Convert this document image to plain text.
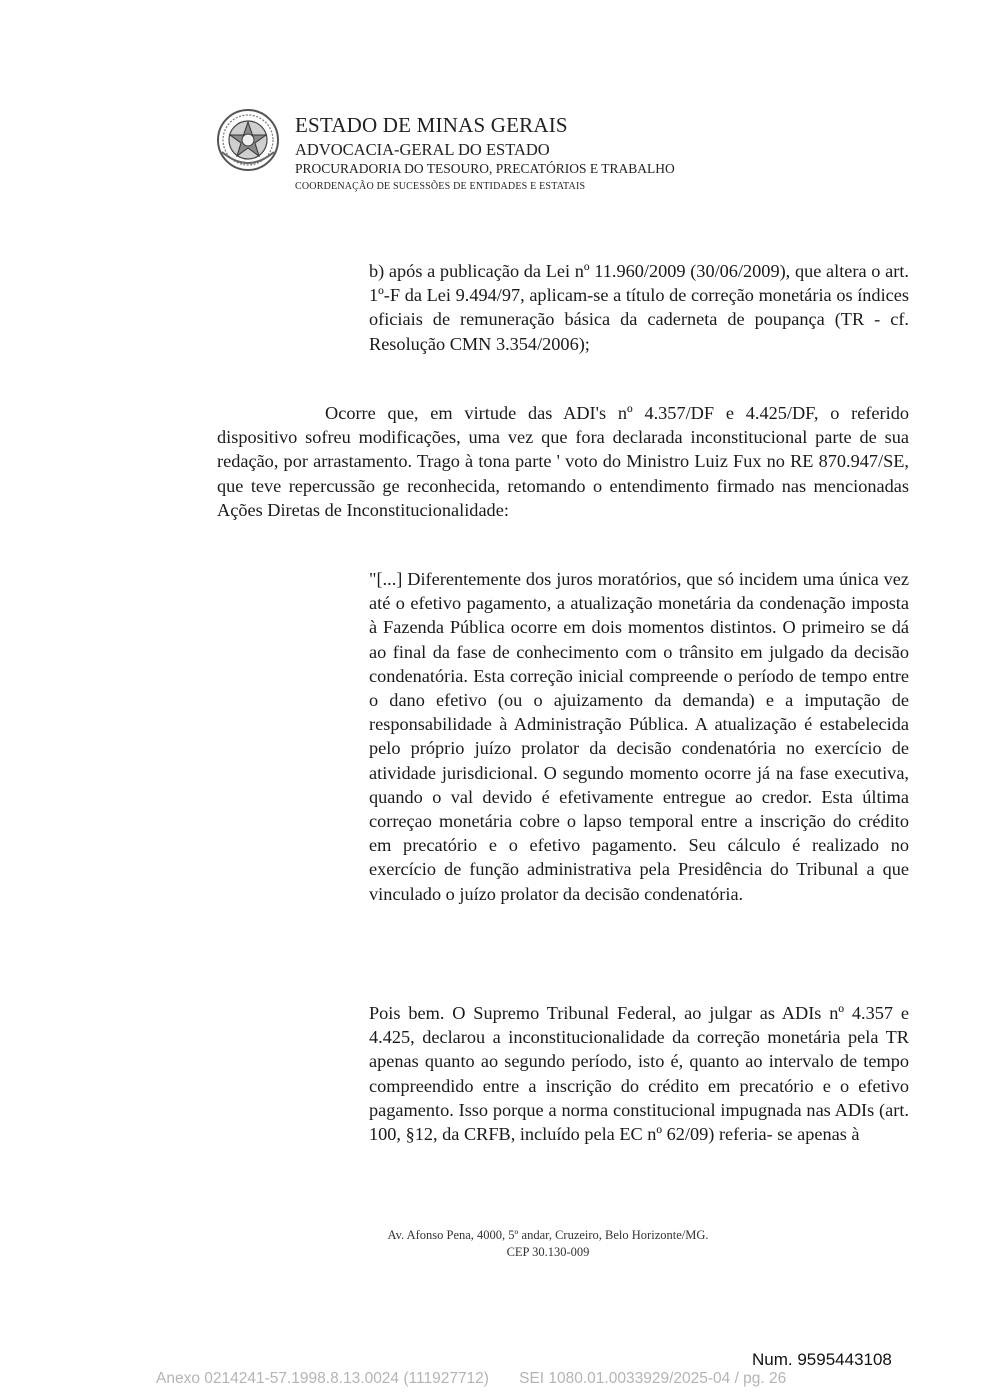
ESTADO DE MINAS GERAIS
ADVOCACIA-GERAL DO ESTADO
PROCURADORIA DO TESOURO, PRECATÓRIOS E TRABALHO
COORDENAÇÃO DE SUCESSÕES DE ENTIDADES E ESTATAIS

b) após a publicação da Lei nº 11.960/2009 (30/06/2009), que altera o art. 1º-F da Lei 9.494/97, aplicam-se a título de correção monetária os índices oficiais de remuneração básica da caderneta de poupança (TR - cf. Resolução CMN 3.354/2006);

Ocorre que, em virtude das ADI's nº 4.357/DF e 4.425/DF, o referido dispositivo sofreu modificações, uma vez que fora declarada inconstitucional parte de sua redação, por arrastamento. Trago à tona parte ' voto do Ministro Luiz Fux no RE 870.947/SE, que teve repercussão ge reconhecida, retomando o entendimento firmado nas mencionadas Ações Diretas de Inconstitucionalidade:

"[...] Diferentemente dos juros moratórios, que só incidem uma única vez até o efetivo pagamento, a atualização monetária da condenação imposta à Fazenda Pública ocorre em dois momentos distintos. O primeiro se dá ao final da fase de conhecimento com o trânsito em julgado da decisão condenatória. Esta correção inicial compreende o período de tempo entre o dano efetivo (ou o ajuizamento da demanda) e a imputação de responsabilidade à Administração Pública. A atualização é estabelecida pelo próprio juízo prolator da decisão condenatória no exercício de atividade jurisdicional. O segundo momento ocorre já na fase executiva, quando o val devido é efetivamente entregue ao credor. Esta última correçao monetária cobre o lapso temporal entre a inscrição do crédito em precatório e o efetivo pagamento. Seu cálculo é realizado no exercício de função administrativa pela Presidência do Tribunal a que vinculado o juízo prolator da decisão condenatória.

Pois bem. O Supremo Tribunal Federal, ao julgar as ADIs nº 4.357 e 4.425, declarou a inconstitucionalidade da correção monetária pela TR apenas quanto ao segundo período, isto é, quanto ao intervalo de tempo compreendido entre a inscrição do crédito em precatório e o efetivo pagamento. Isso porque a norma constitucional impugnada nas ADIs (art. 100, §12, da CRFB, incluído pela EC nº 62/09) referia- se apenas à

Av. Afonso Pena, 4000, 5º andar, Cruzeiro, Belo Horizonte/MG.
CEP 30.130-009
Num. 9595443108
Anexo 0214241-57.1998.8.13.0024 (111927712)       SEI 1080.01.0033929/2025-04 / pg. 26
